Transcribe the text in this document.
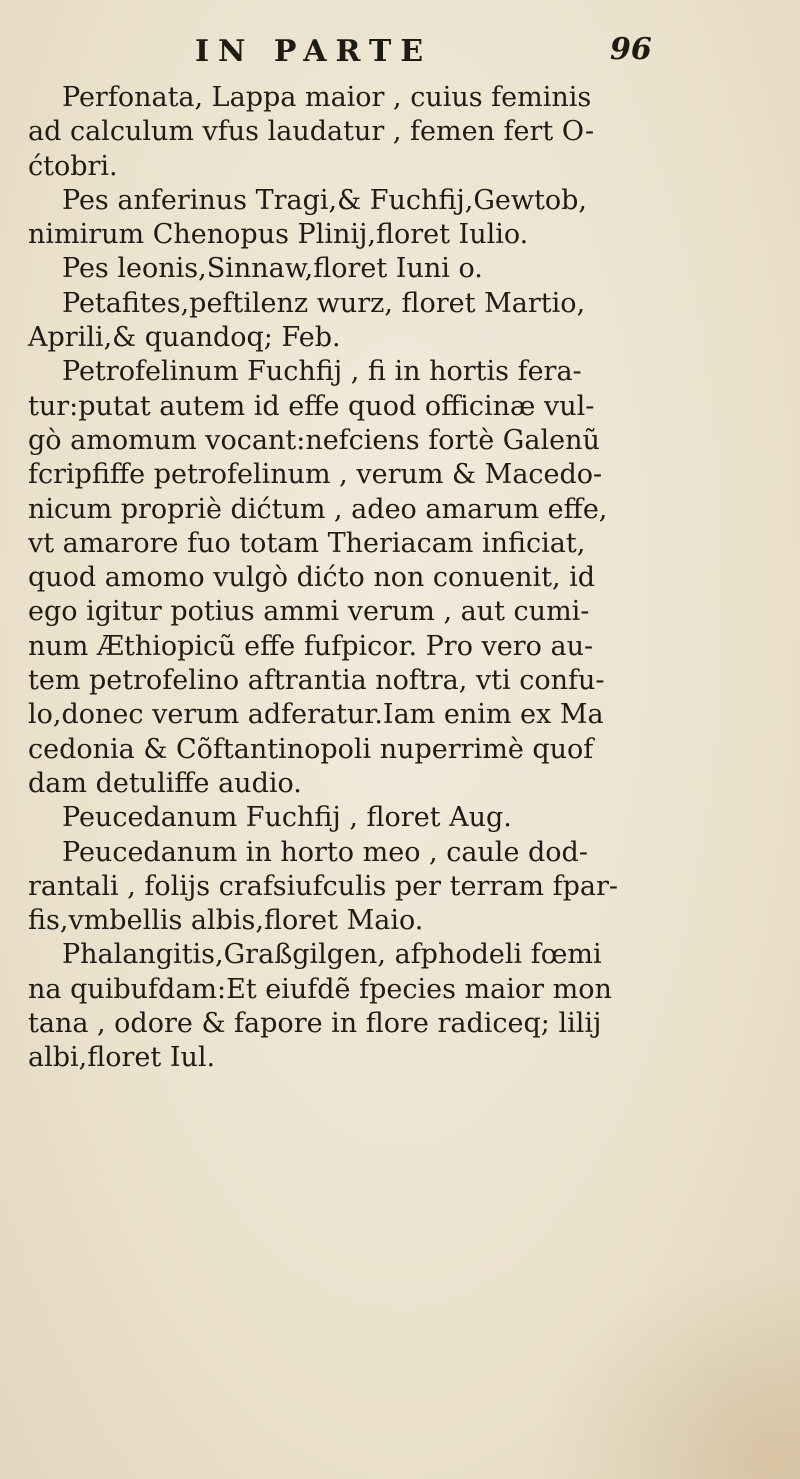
IN PARTE	96
Perfonata, Lappa maior , cuius feminis
ad calculum vfus laudatur , femen fert O-
ćtobri.
Pes anferinus Tragi,& Fuchfij,Gewtob,
nimirum Chenopus Plinij,floret Iulio.
Pes leonis,Sinnaw,floret Iuni o.
Petafites,peftilenz wurz, floret Martio,
Aprili,& quandoq; Feb.
Petrofelinum Fuchfij , fi in hortis fera-
tur:putat autem id effe quod officinæ vul-
gò amomum vocant:nefciens fortè Galenũ
fcripfiffe petrofelinum , verum & Macedo-
nicum propriè dićtum , adeo amarum effe,
vt amarore fuo totam Theriacam inficiat,
quod amomo vulgò dićto non conuenit, id
ego igitur potius ammi verum , aut cumi-
num Æthiopicũ effe fufpicor. Pro vero au-
tem petrofelino aftrantia noftra, vti confu-
lo,donec verum adferatur.Iam enim ex Ma
cedonia & Cõftantinopoli nuperrimè quof
dam detuliffe audio.
Peucedanum Fuchfij , floret Aug.
Peucedanum in horto meo , caule dod-
rantali , folijs crafsiufculis per terram fpar-
fis,vmbellis albis,floret Maio.
Phalangitis,Graßgilgen, afphodeli fœmi
na quibufdam:Et eiufdẽ fpecies maior mon
tana , odore & fapore in flore radiceq; lilij
albi,floret Iul.
